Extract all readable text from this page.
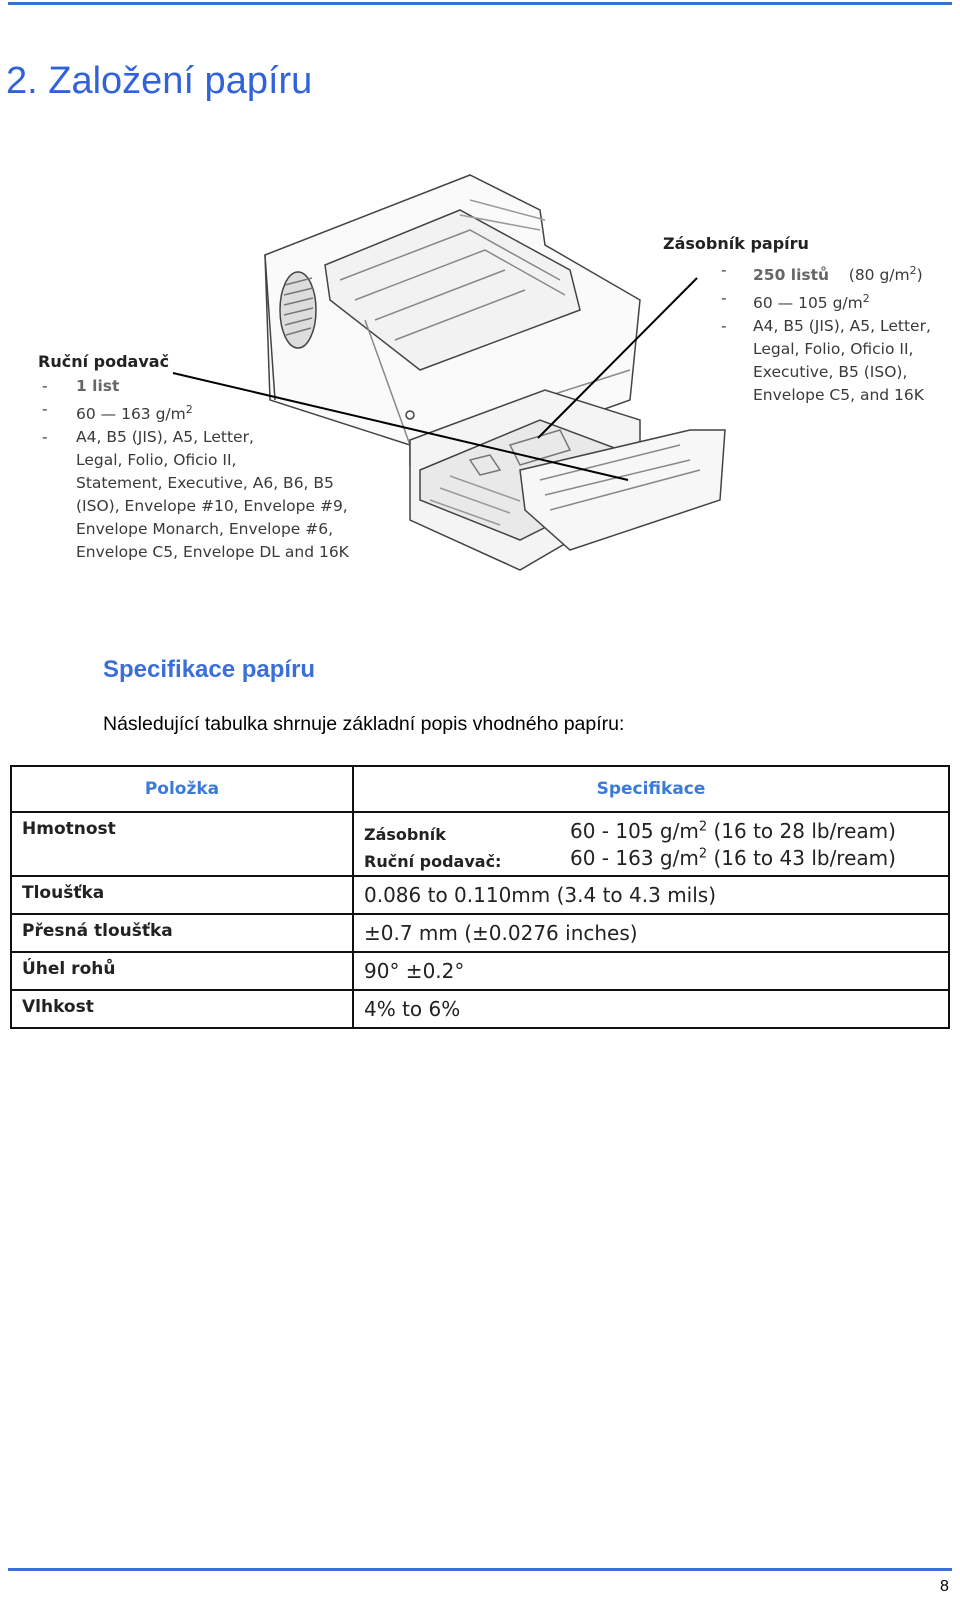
2. Založení papíru
Ruční podavač
- 1 list
- 60 — 163 $g/m^2$
- A4, B5 (JIS), A5, Letter,
Legal, Folio, Oficio II,
Statement, Executive, A6, B6, B5
(ISO), Envelope #10, Envelope #9,
Envelope Monarch, Envelope #6,
Envelope C5, Envelope DL and 16K
Zásobník papíru
- 250 listů (80 $g/m^2$)
- 60 — 105 $g/m^2$
- A4, B5 (JIS), A5, Letter,
Legal, Folio, Oficio II,
Executive, B5 (ISO),
Envelope C5, and 16K
Specifikace papíru
Následující tabulka shrnuje základní popis vhodného papíru:
Položka	Specifikace
Hmotnost	Zásobník 60 - 105 $g/m^2$ (16 to 28 lb/ream)
Ruční podavač: 60 - 163 $g/m^2$ (16 to 43 lb/ream)

Tloušťka	0.086 to 0.110mm (3.4 to 4.3 mils)
Přesná tloušťka	±0.7 mm (±0.0276 inches)
Úhel rohů	90° ±0.2°
Vlhkost	4% to 6%
8
